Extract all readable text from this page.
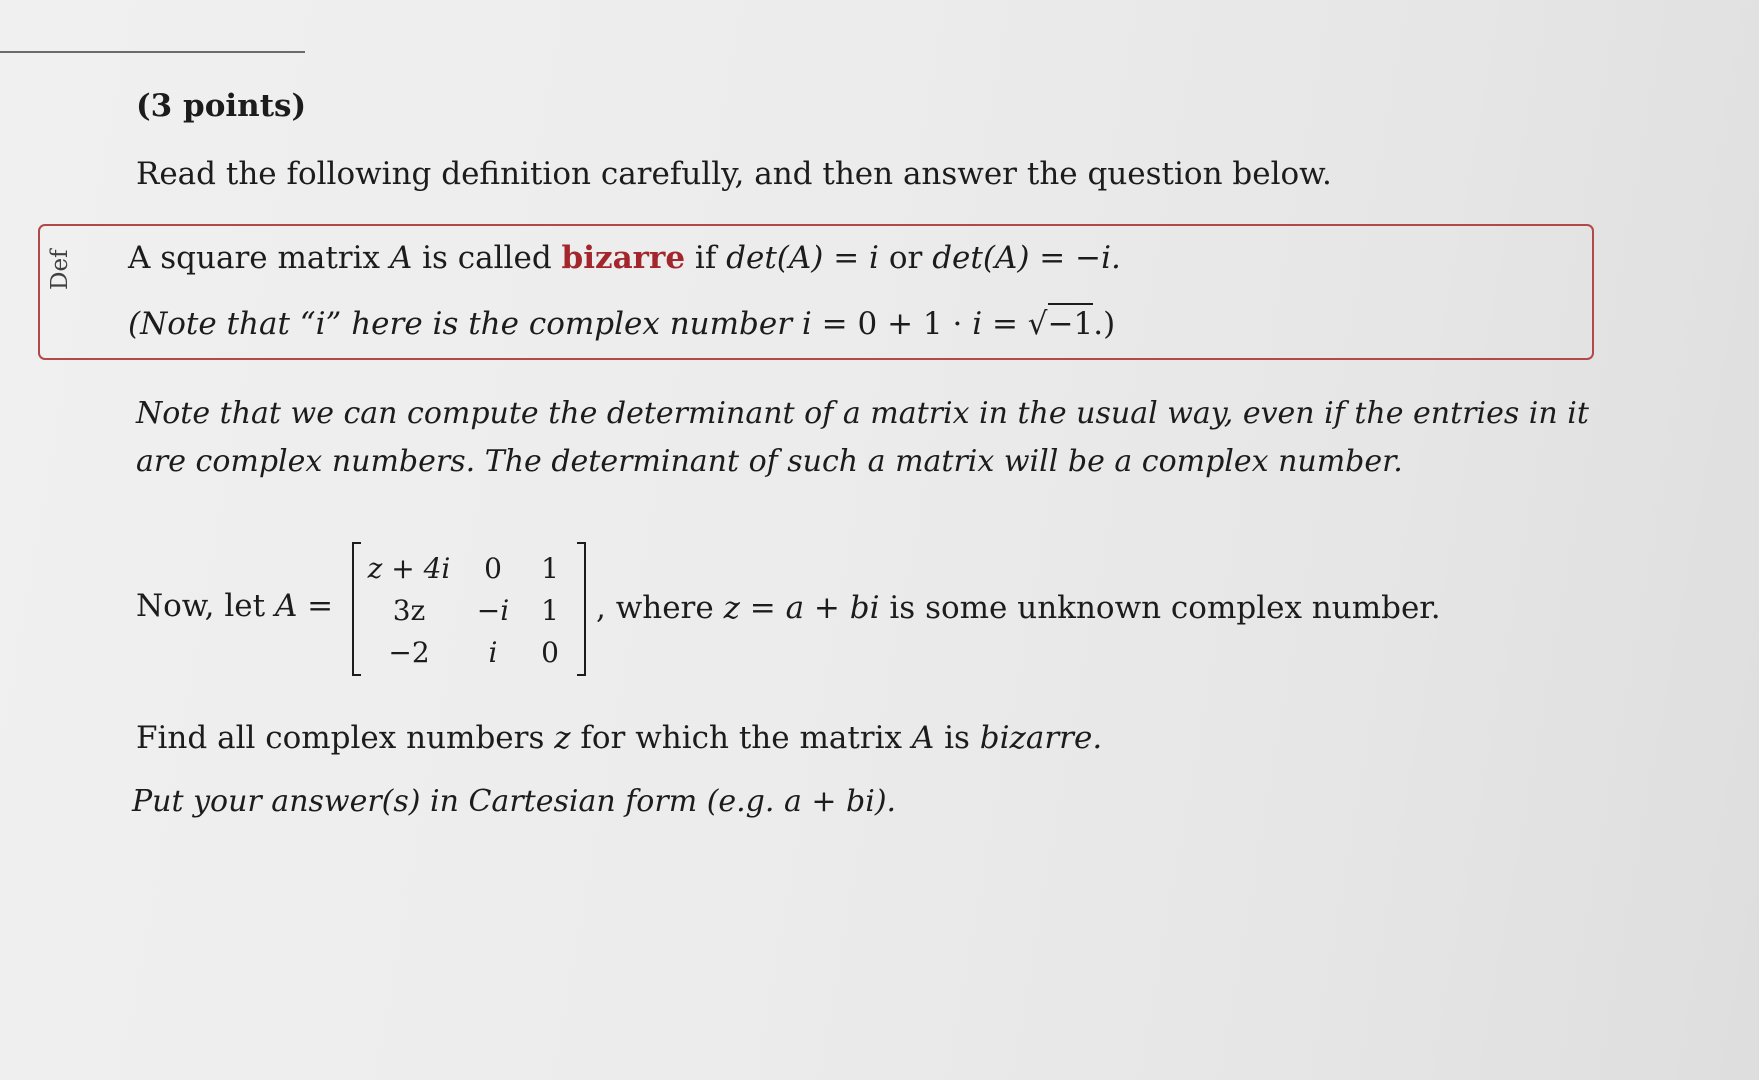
(3 points)

Read the following definition carefully, and then answer the question below.

Def A square matrix A is called bizarre if det(A) = i or det(A) = −i.

(Note that “i” here is the complex number i = 0 + 1 · i = √−1.)

Note that we can compute the determinant of a matrix in the usual way, even if the entries in it are complex numbers. The determinant of such a matrix will be a complex number.

Now, let A =

z + 4i	0	1

3z	−i	1

−2	i	0

, where z = a + bi is some unknown complex number.

Find all complex numbers z for which the matrix A is bizarre.

Put your answer(s) in Cartesian form (e.g. a + bi).
